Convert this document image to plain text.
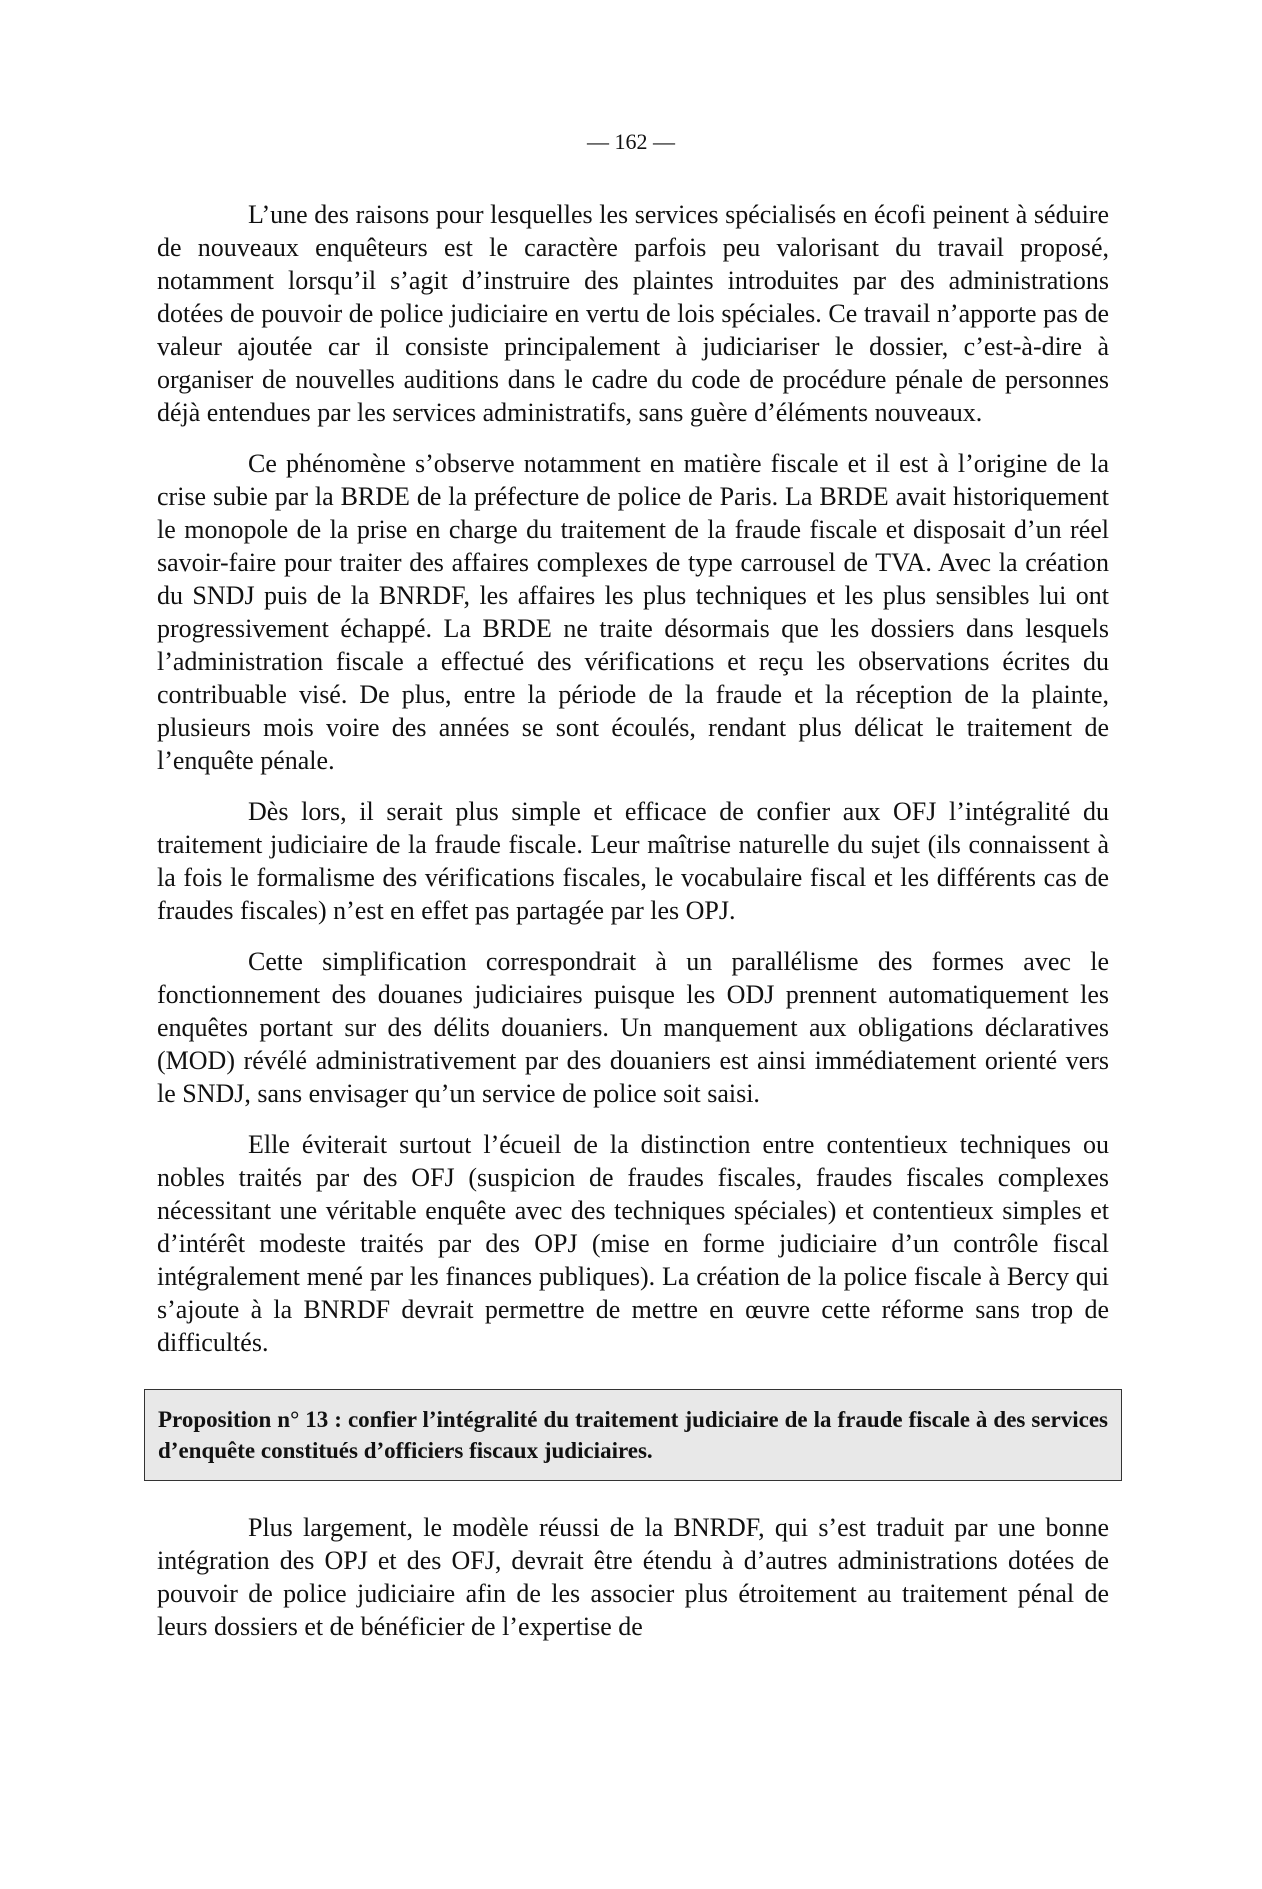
— 162 —

L’une des raisons pour lesquelles les services spécialisés en écofi peinent à séduire de nouveaux enquêteurs est le caractère parfois peu valorisant du travail proposé, notamment lorsqu’il s’agit d’instruire des plaintes introduites par des administrations dotées de pouvoir de police judiciaire en vertu de lois spéciales. Ce travail n’apporte pas de valeur ajoutée car il consiste principalement à judiciariser le dossier, c’est-à-dire à organiser de nouvelles auditions dans le cadre du code de procédure pénale de personnes déjà entendues par les services administratifs, sans guère d’éléments nouveaux.

Ce phénomène s’observe notamment en matière fiscale et il est à l’origine de la crise subie par la BRDE de la préfecture de police de Paris. La BRDE avait historiquement le monopole de la prise en charge du traitement de la fraude fiscale et disposait d’un réel savoir-faire pour traiter des affaires complexes de type carrousel de TVA. Avec la création du SNDJ puis de la BNRDF, les affaires les plus techniques et les plus sensibles lui ont progressivement échappé. La BRDE ne traite désormais que les dossiers dans lesquels l’administration fiscale a effectué des vérifications et reçu les observations écrites du contribuable visé. De plus, entre la période de la fraude et la réception de la plainte, plusieurs mois voire des années se sont écoulés, rendant plus délicat le traitement de l’enquête pénale.

Dès lors, il serait plus simple et efficace de confier aux OFJ l’intégralité du traitement judiciaire de la fraude fiscale. Leur maîtrise naturelle du sujet (ils connaissent à la fois le formalisme des vérifications fiscales, le vocabulaire fiscal et les différents cas de fraudes fiscales) n’est en effet pas partagée par les OPJ.

Cette simplification correspondrait à un parallélisme des formes avec le fonctionnement des douanes judiciaires puisque les ODJ prennent automatiquement les enquêtes portant sur des délits douaniers. Un manquement aux obligations déclaratives (MOD) révélé administrativement par des douaniers est ainsi immédiatement orienté vers le SNDJ, sans envisager qu’un service de police soit saisi.

Elle éviterait surtout l’écueil de la distinction entre contentieux techniques ou nobles traités par des OFJ (suspicion de fraudes fiscales, fraudes fiscales complexes nécessitant une véritable enquête avec des techniques spéciales) et contentieux simples et d’intérêt modeste traités par des OPJ (mise en forme judiciaire d’un contrôle fiscal intégralement mené par les finances publiques). La création de la police fiscale à Bercy qui s’ajoute à la BNRDF devrait permettre de mettre en œuvre cette réforme sans trop de difficultés.

Proposition n° 13 : confier l’intégralité du traitement judiciaire de la fraude fiscale à des services d’enquête constitués d’officiers fiscaux judiciaires.

Plus largement, le modèle réussi de la BNRDF, qui s’est traduit par une bonne intégration des OPJ et des OFJ, devrait être étendu à d’autres administrations dotées de pouvoir de police judiciaire afin de les associer plus étroitement au traitement pénal de leurs dossiers et de bénéficier de l’expertise de
